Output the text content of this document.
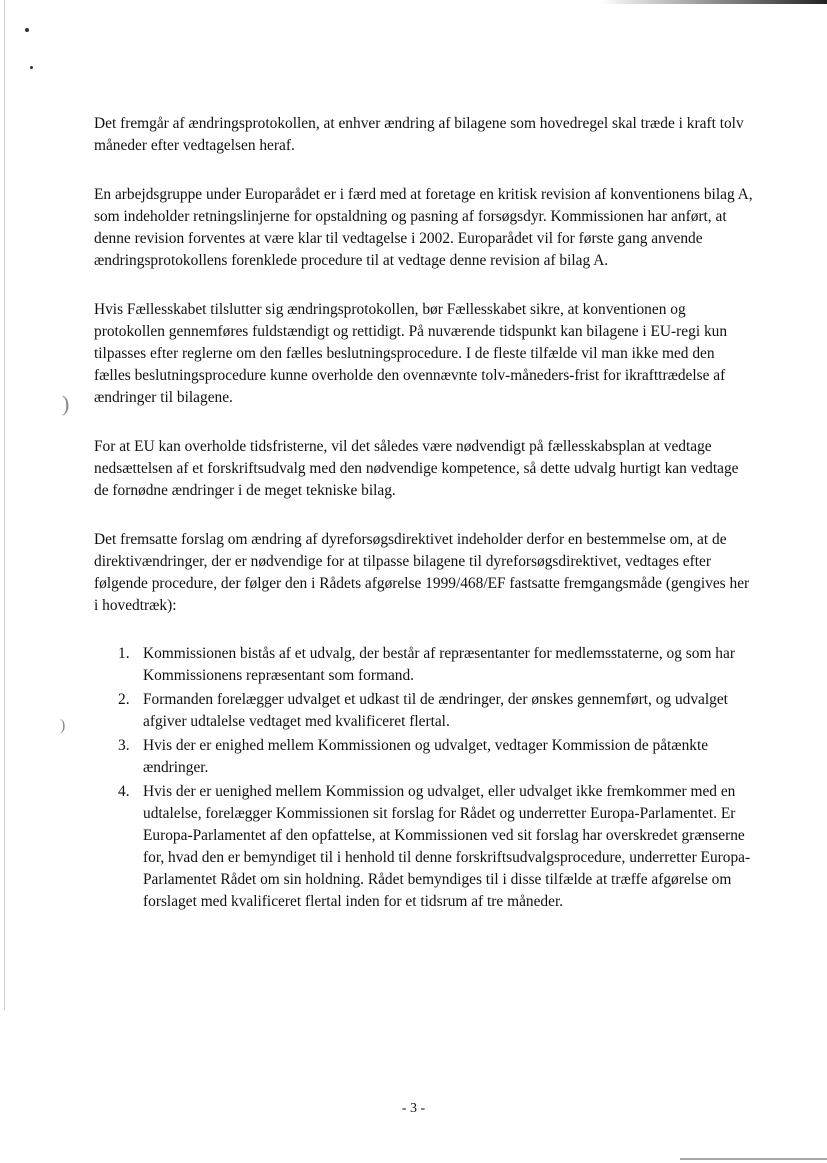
)
)

Det fremgår af ændringsprotokollen, at enhver ændring af bilagene som hovedregel skal træde i kraft tolv måneder efter vedtagelsen heraf.

En arbejdsgruppe under Europarådet er i færd med at foretage en kritisk revision af konventionens bilag A, som indeholder retningslinjerne for opstaldning og pasning af forsøgsdyr. Kommissionen har anført, at denne revision forventes at være klar til vedtagelse i 2002. Europarådet vil for første gang anvende ændringsprotokollens forenklede procedure til at vedtage denne revision af bilag A.

Hvis Fællesskabet tilslutter sig ændringsprotokollen, bør Fællesskabet sikre, at konventionen og protokollen gennemføres fuldstændigt og rettidigt. På nuværende tidspunkt kan bilagene i EU-regi kun tilpasses efter reglerne om den fælles beslutningsprocedure. I de fleste tilfælde vil man ikke med den fælles beslutningsprocedure kunne overholde den ovennævnte tolv-måneders-frist for ikrafttrædelse af ændringer til bilagene.

For at EU kan overholde tidsfristerne, vil det således være nødvendigt på fællesskabsplan at vedtage nedsættelsen af et forskriftsudvalg med den nødvendige kompetence, så dette udvalg hurtigt kan vedtage de fornødne ændringer i de meget tekniske bilag.

Det fremsatte forslag om ændring af dyreforsøgsdirektivet indeholder derfor en bestemmelse om, at de direktivændringer, der er nødvendige for at tilpasse bilagene til dyreforsøgsdirektivet, vedtages efter følgende procedure, der følger den i Rådets afgørelse 1999/468/EF fastsatte fremgangsmåde (gengives her i hovedtræk):

1. Kommissionen bistås af et udvalg, der består af repræsentanter for medlemsstaterne, og som har Kommissionens repræsentant som formand.
2. Formanden forelægger udvalget et udkast til de ændringer, der ønskes gennemført, og udvalget afgiver udtalelse vedtaget med kvalificeret flertal.
3. Hvis der er enighed mellem Kommissionen og udvalget, vedtager Kommission de påtænkte ændringer.
4. Hvis der er uenighed mellem Kommission og udvalget, eller udvalget ikke fremkommer med en udtalelse, forelægger Kommissionen sit forslag for Rådet og underretter Europa-Parlamentet. Er Europa-Parlamentet af den opfattelse, at Kommissionen ved sit forslag har overskredet grænserne for, hvad den er bemyndiget til i henhold til denne forskriftsudvalgsprocedure, underretter Europa-Parlamentet Rådet om sin holdning. Rådet bemyndiges til i disse tilfælde at træffe afgørelse om forslaget med kvalificeret flertal inden for et tidsrum af tre måneder.
- 3 -
